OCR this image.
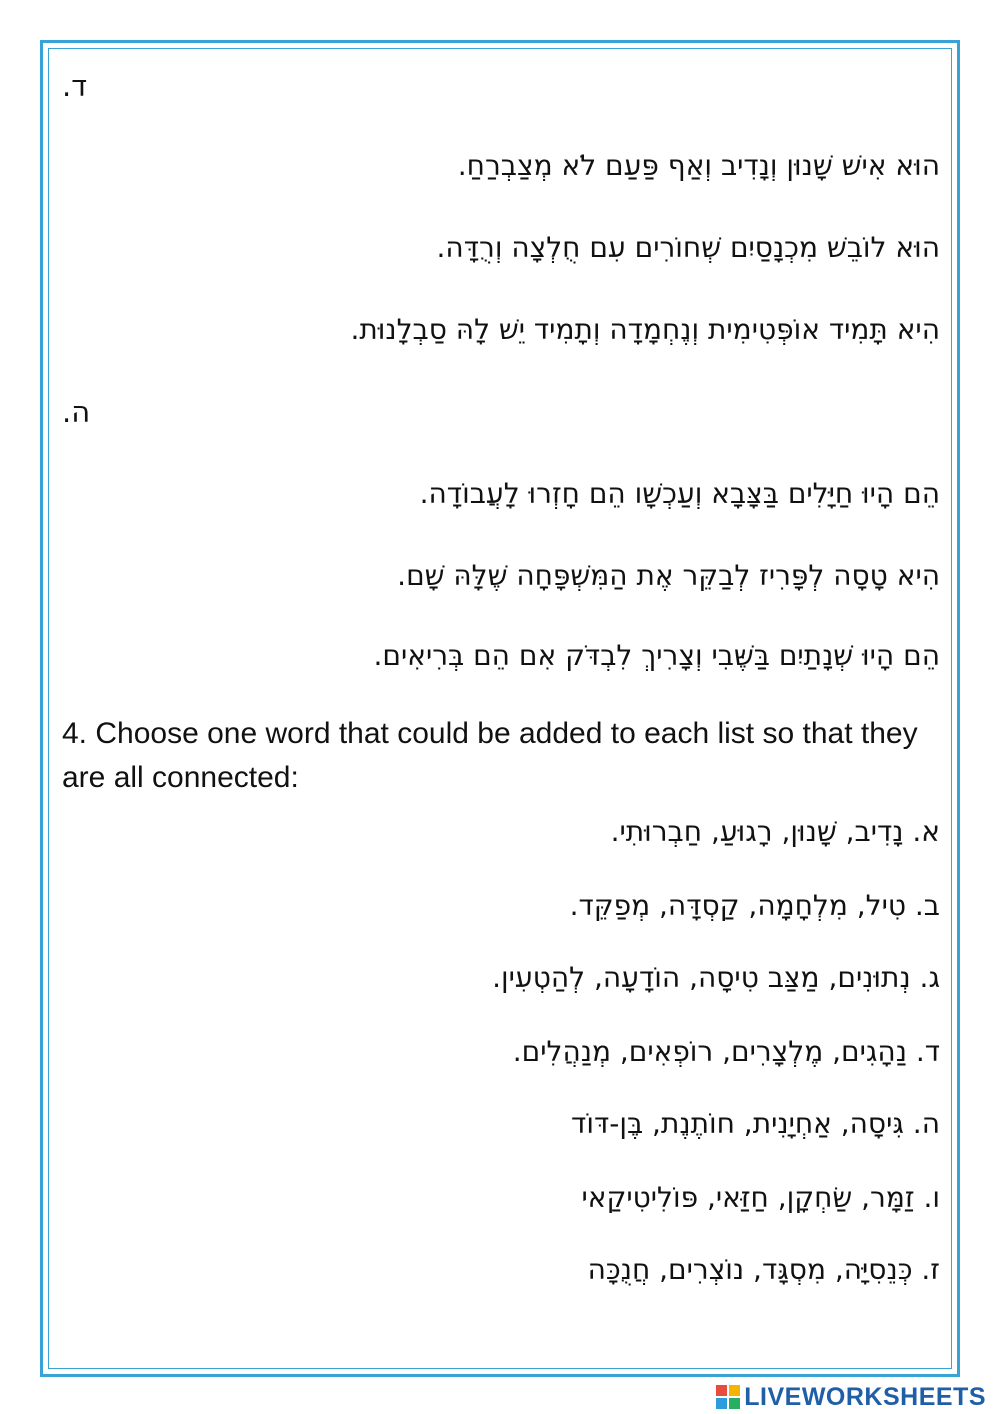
ד.
הוּא אִישׁ שָׁנוּן וְנָדִיב וְאַף פַּעַם לֹא מְצַבְרַחַ.
הוּא לוֹבֵשׁ מִכְנָסַיִם שְׁחוֹרִים עִם חֻלְצָה וְרֻדָּה.
הִיא תָּמִיד אוֹפְּטִימִית וְנֶחְמָדָה וְתָמִיד יֵשׁ לָהּ סַבְלָנוּת.
ה.
הֵם הָיוּ חַיָּלִים בַּצָּבָא וְעַכְשָׁו הֵם חָזְרוּ לָעֲבוֹדָה.
הִיא טָסָה לְפָּרִיז לְבַקֵּר אֶת הַמִּשְׁפָּחָה שֶׁלָּהּ שָׁם.
הֵם הָיוּ שְׁנָתַיִם בַּשֶּׁבִי וְצָרִיךְ לִבְדֹּק אִם הֵם בְּרִיאִים.
4. Choose one word that could be added to each list so that they are all connected:
א. נָדִיב, שָׁנוּן, רָגוּעַ, חַבְרוּתִי.
ב. טִיל, מִלְחָמָה, קַסְדָּה, מְפַקֵּד.
ג. נְתוּנִים, מַצַּב טִיסָה, הוֹדָעָה, לְהַטְעִין.
ד. נַהָגִים, מֶלְצָרִים, רוֹפְאִים, מְנַהֲלִים.
ה. גִּיסָה, אַחְיָנִית, חוֹתֶנֶת, בֶּן-דּוֹד
ו. זַמָּר, שַׂחְקָן, חַזַּאי, פּוֹלִיטִיקַאי
ז. כְּנֵסִיָּה, מִסְגָּד, נוֹצְרִים, חֲנֻכָּה
LIVEWORKSHEETS
